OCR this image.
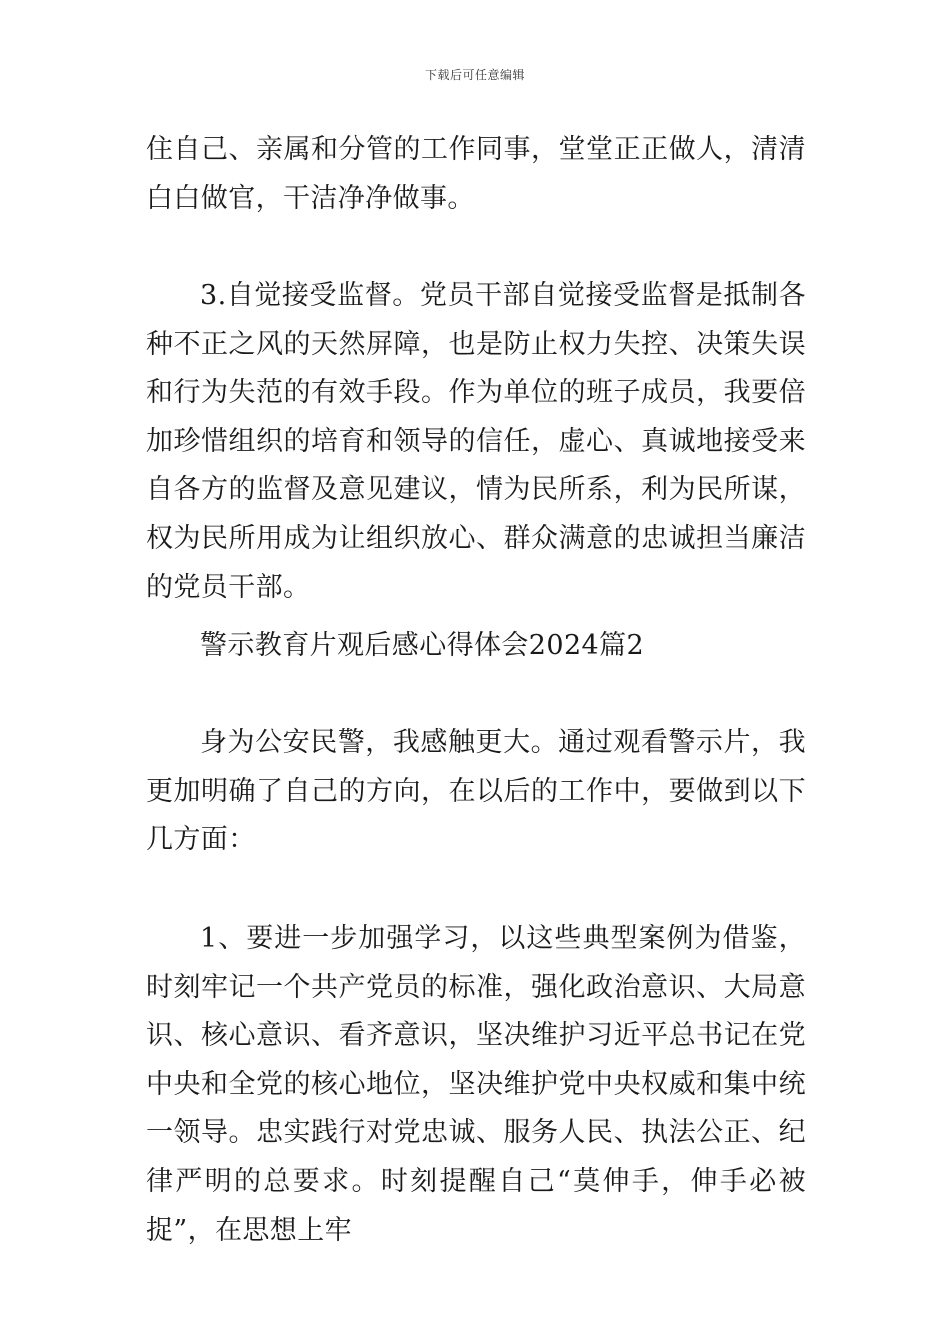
下载后可任意编辑

住自己、亲属和分管的工作同事，堂堂正正做人，清清白白做官，干洁净净做事。

3.自觉接受监督。党员干部自觉接受监督是抵制各种不正之风的天然屏障，也是防止权力失控、决策失误和行为失范的有效手段。作为单位的班子成员，我要倍加珍惜组织的培育和领导的信任，虚心、真诚地接受来自各方的监督及意见建议，情为民所系，利为民所谋，权为民所用成为让组织放心、群众满意的忠诚担当廉洁的党员干部。

警示教育片观后感心得体会2024篇2

身为公安民警，我感触更大。通过观看警示片，我更加明确了自己的方向，在以后的工作中，要做到以下几方面：

1、要进一步加强学习，以这些典型案例为借鉴，时刻牢记一个共产党员的标准，强化政治意识、大局意识、核心意识、看齐意识，坚决维护习近平总书记在党中央和全党的核心地位，坚决维护党中央权威和集中统一领导。忠实践行对党忠诚、服务人民、执法公正、纪律严明的总要求。时刻提醒自己“莫伸手，伸手必被捉”，在思想上牢
